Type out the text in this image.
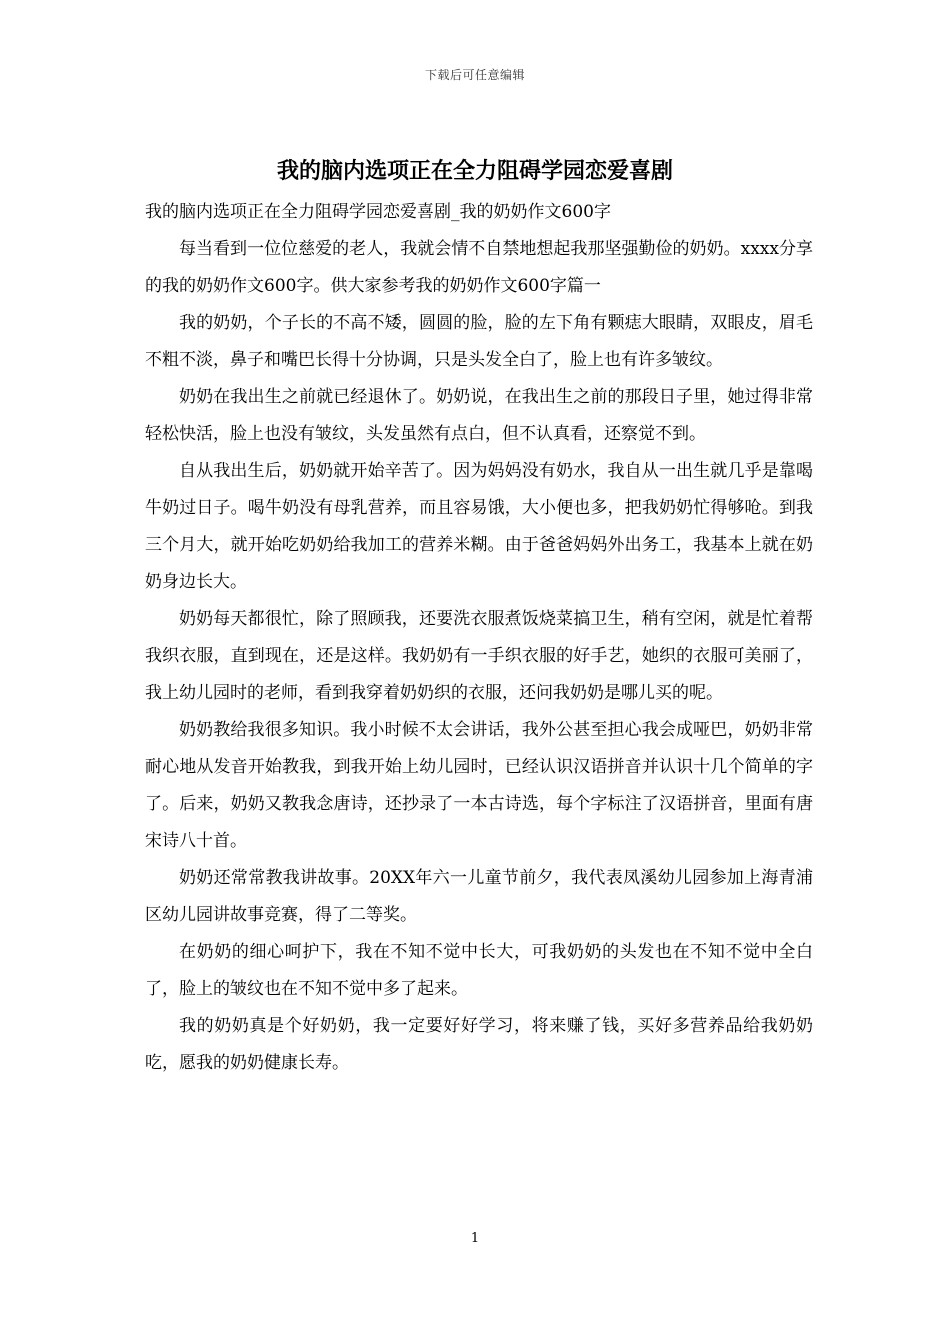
下载后可任意编辑
我的脑内选项正在全力阻碍学园恋爱喜剧

我的脑内选项正在全力阻碍学园恋爱喜剧_我的奶奶作文600字

每当看到一位位慈爱的老人，我就会情不自禁地想起我那坚强勤俭的奶奶。xxxx分享的我的奶奶作文600字。供大家参考我的奶奶作文600字篇一

我的奶奶，个子长的不高不矮，圆圆的脸，脸的左下角有颗痣大眼睛，双眼皮，眉毛不粗不淡，鼻子和嘴巴长得十分协调，只是头发全白了，脸上也有许多皱纹。

奶奶在我出生之前就已经退休了。奶奶说，在我出生之前的那段日子里，她过得非常轻松快活，脸上也没有皱纹，头发虽然有点白，但不认真看，还察觉不到。

自从我出生后，奶奶就开始辛苦了。因为妈妈没有奶水，我自从一出生就几乎是靠喝牛奶过日子。喝牛奶没有母乳营养，而且容易饿，大小便也多，把我奶奶忙得够呛。到我三个月大，就开始吃奶奶给我加工的营养米糊。由于爸爸妈妈外出务工，我基本上就在奶奶身边长大。

奶奶每天都很忙，除了照顾我，还要洗衣服煮饭烧菜搞卫生，稍有空闲，就是忙着帮我织衣服，直到现在，还是这样。我奶奶有一手织衣服的好手艺，她织的衣服可美丽了，我上幼儿园时的老师，看到我穿着奶奶织的衣服，还问我奶奶是哪儿买的呢。

奶奶教给我很多知识。我小时候不太会讲话，我外公甚至担心我会成哑巴，奶奶非常耐心地从发音开始教我，到我开始上幼儿园时，已经认识汉语拼音并认识十几个简单的字了。后来，奶奶又教我念唐诗，还抄录了一本古诗选，每个字标注了汉语拼音，里面有唐宋诗八十首。

奶奶还常常教我讲故事。20XX年六一儿童节前夕，我代表凤溪幼儿园参加上海青浦区幼儿园讲故事竞赛，得了二等奖。

在奶奶的细心呵护下，我在不知不觉中长大，可我奶奶的头发也在不知不觉中全白了，脸上的皱纹也在不知不觉中多了起来。

我的奶奶真是个好奶奶，我一定要好好学习，将来赚了钱，买好多营养品给我奶奶吃，愿我的奶奶健康长寿。

1
